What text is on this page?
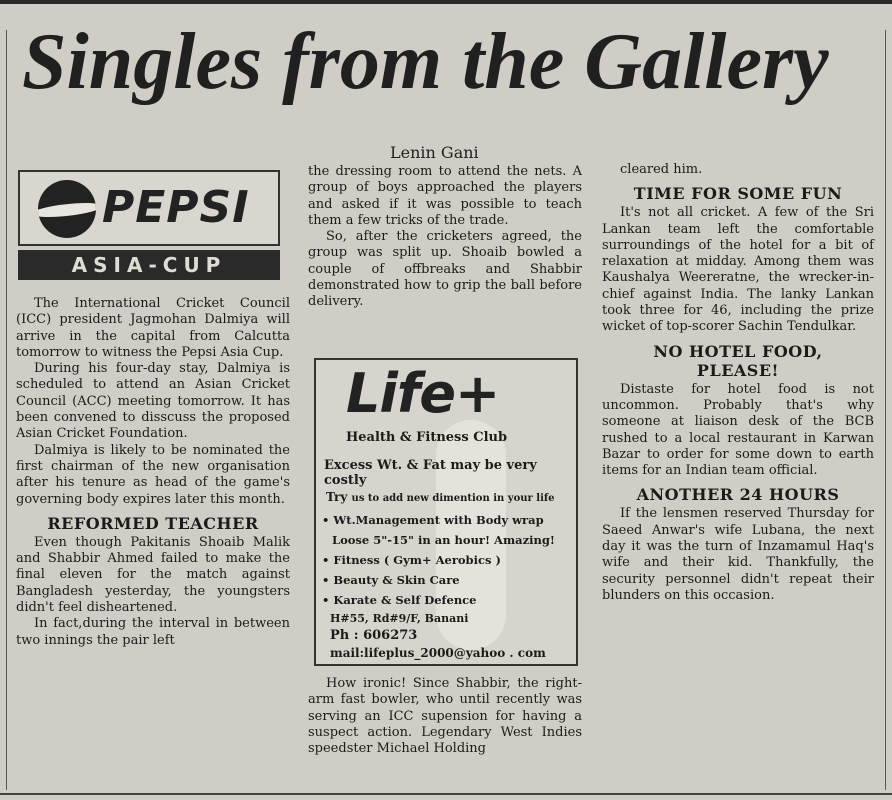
Singles from the Gallery
Lenin Gani
PEPSI
ASIA-CUP

The International Cricket Council (ICC) president Jagmohan Dalmiya will arrive in the capital from Calcutta tomorrow to witness the Pepsi Asia Cup.

During his four-day stay, Dalmiya is scheduled to attend an Asian Cricket Council (ACC) meeting tomorrow. It has been convened to disscuss the proposed Asian Cricket Foundation.

Dalmiya is likely to be nominated the first chairman of the new organisation after his tenure as head of the game's governing body expires later this month.

REFORMED TEACHER

Even though Pakitanis Shoaib Malik and Shabbir Ahmed failed to make the final eleven for the match against Bangladesh yesterday, the youngsters didn't feel disheartened.

In fact,during the interval in between two innings the pair left

the dressing room to attend the nets. A group of boys approached the players and asked if it was possible to teach them a few tricks of the trade.

So, after the cricketers agreed, the group was split up. Shoaib bowled a couple of offbreaks and Shabbir demonstrated how to grip the ball before delivery.

Life+
Health & Fitness Club
Excess Wt. & Fat may be very costly
Try us to add new dimention in your life
• Wt.Management with Body wrap
Loose 5"-15" in an hour! Amazing!
• Fitness ( Gym+ Aerobics )
• Beauty & Skin Care
• Karate & Self Defence
H#55, Rd#9/F, Banani
Ph : 606273
mail:lifeplus_2000@yahoo . com

How ironic! Since Shabbir, the right-arm fast bowler, who until recently was serving an ICC supension for having a suspect action. Legendary West Indies speedster Michael Holding

cleared him.

TIME FOR SOME FUN

It's not all cricket. A few of the Sri Lankan team left the comfortable surroundings of the hotel for a bit of relaxation at midday. Among them was Kaushalya Weereratne, the wrecker-in-chief against India. The lanky Lankan took three for 46, including the prize wicket of top-scorer Sachin Tendulkar.

NO HOTEL FOOD, PLEASE!

Distaste for hotel food is not uncommon. Probably that's why someone at liaison desk of the BCB rushed to a local restaurant in Karwan Bazar to order for some down to earth items for an Indian team official.

ANOTHER 24 HOURS

If the lensmen reserved Thursday for Saeed Anwar's wife Lubana, the next day it was the turn of Inzamamul Haq's wife and their kid. Thankfully, the security personnel didn't repeat their blunders on this occasion.
